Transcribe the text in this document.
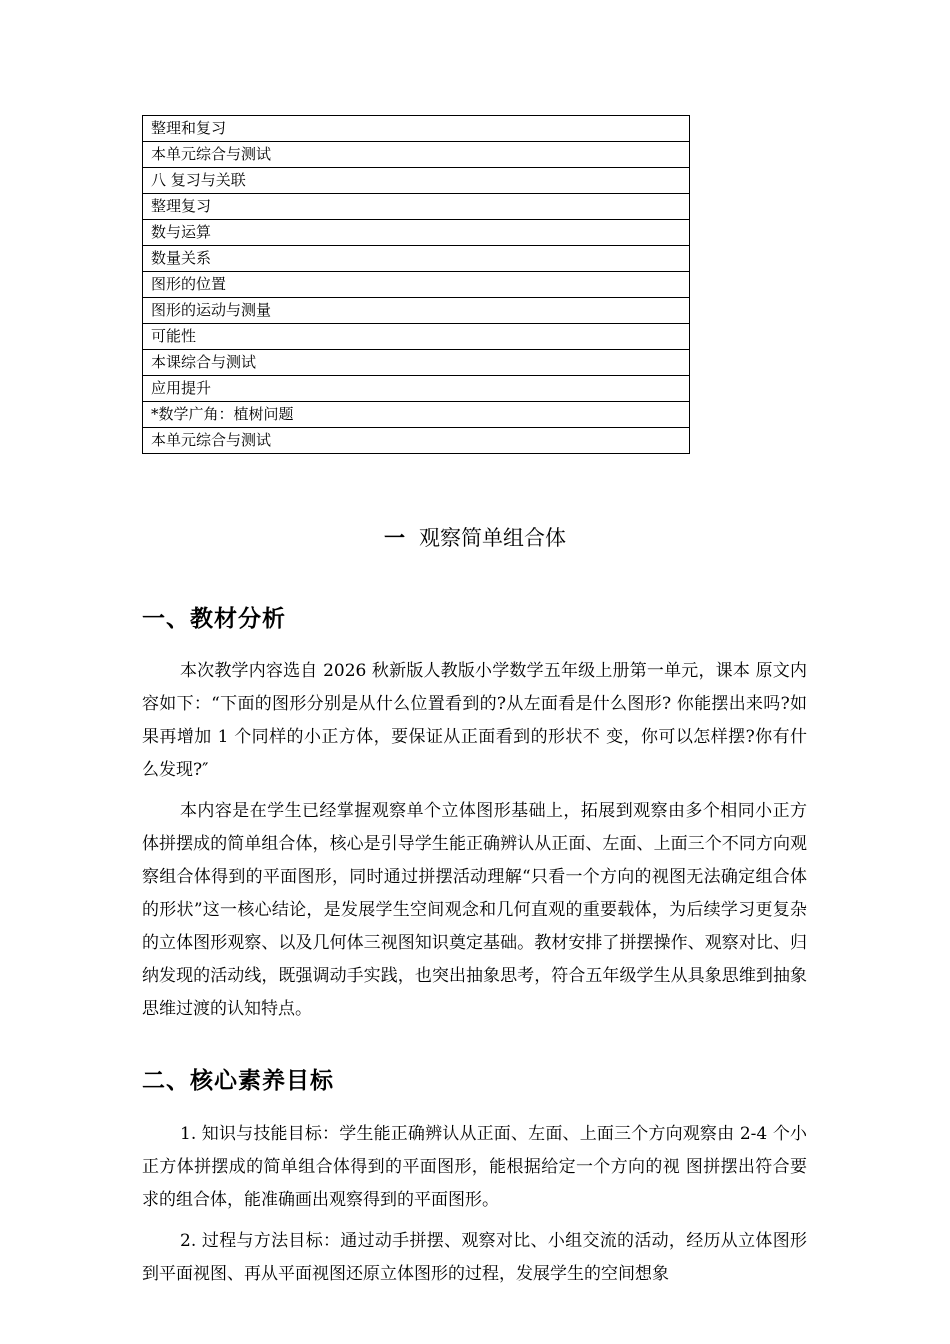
整理和复习
本单元综合与测试
八 复习与关联
整理复习
数与运算
数量关系
图形的位置
图形的运动与测量
可能性
本课综合与测试
应用提升
*数学广角：植树问题
本单元综合与测试
一 观察简单组合体
一、教材分析

本次教学内容选自 2026 秋新版人教版小学数学五年级上册第一单元，课本 原文内容如下：“下面的图形分别是从什么位置看到的?从左面看是什么图形? 你能摆出来吗?如果再增加 1 个同样的小正方体，要保证从正面看到的形状不 变，你可以怎样摆?你有什么发现?″

本内容是在学生已经掌握观察单个立体图形基础上，拓展到观察由多个相同小正方体拼摆成的简单组合体，核心是引导学生能正确辨认从正面、左面、上面三个不同方向观察组合体得到的平面图形，同时通过拼摆活动理解“只看一个方向的视图无法确定组合体的形状”这一核心结论，是发展学生空间观念和几何直观的重要载体，为后续学习更复杂的立体图形观察、以及几何体三视图知识奠定基础。教材安排了拼摆操作、观察对比、归纳发现的活动线，既强调动手实践，也突出抽象思考，符合五年级学生从具象思维到抽象思维过渡的认知特点。

二、核心素养目标

1. 知识与技能目标：学生能正确辨认从正面、左面、上面三个方向观察由 2-4 个小正方体拼摆成的简单组合体得到的平面图形，能根据给定一个方向的视 图拼摆出符合要求的组合体，能准确画出观察得到的平面图形。

2. 过程与方法目标：通过动手拼摆、观察对比、小组交流的活动，经历从立体图形到平面视图、再从平面视图还原立体图形的过程，发展学生的空间想象
